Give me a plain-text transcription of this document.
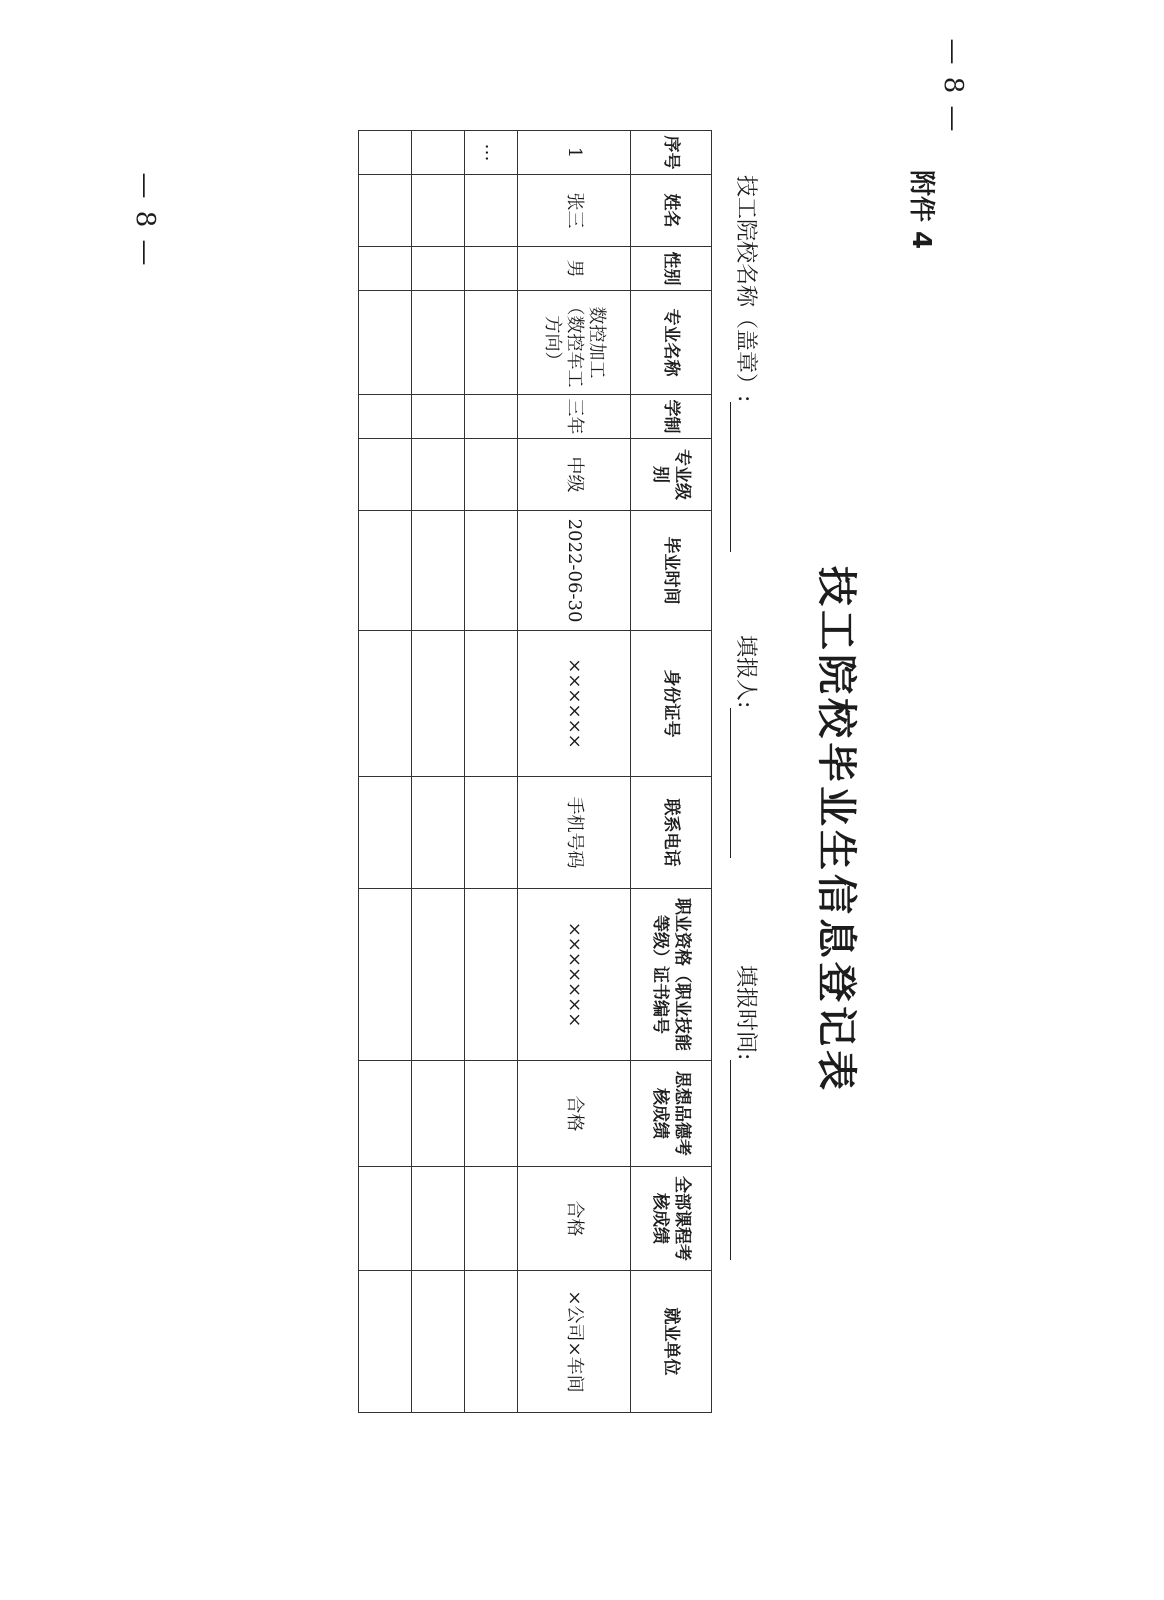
— 8 —
— 8 —	附件 4
技工院校毕业生信息登记表
技工院校名称（盖章）:
填报人:
填报时间:
序号	姓名	性别	专业名称	学制	专业级别	毕业时间	身份证号	联系电话	职业资格（职业技能等级）证书编号	思想品德考核成绩	全部课程考核成绩	就业单位
1	张三	男	数控加工（数控车工方向）	三年	中级	2022-06-30	××××××	手机号码	×××××××	合格	合格	×公司×车间
…												
